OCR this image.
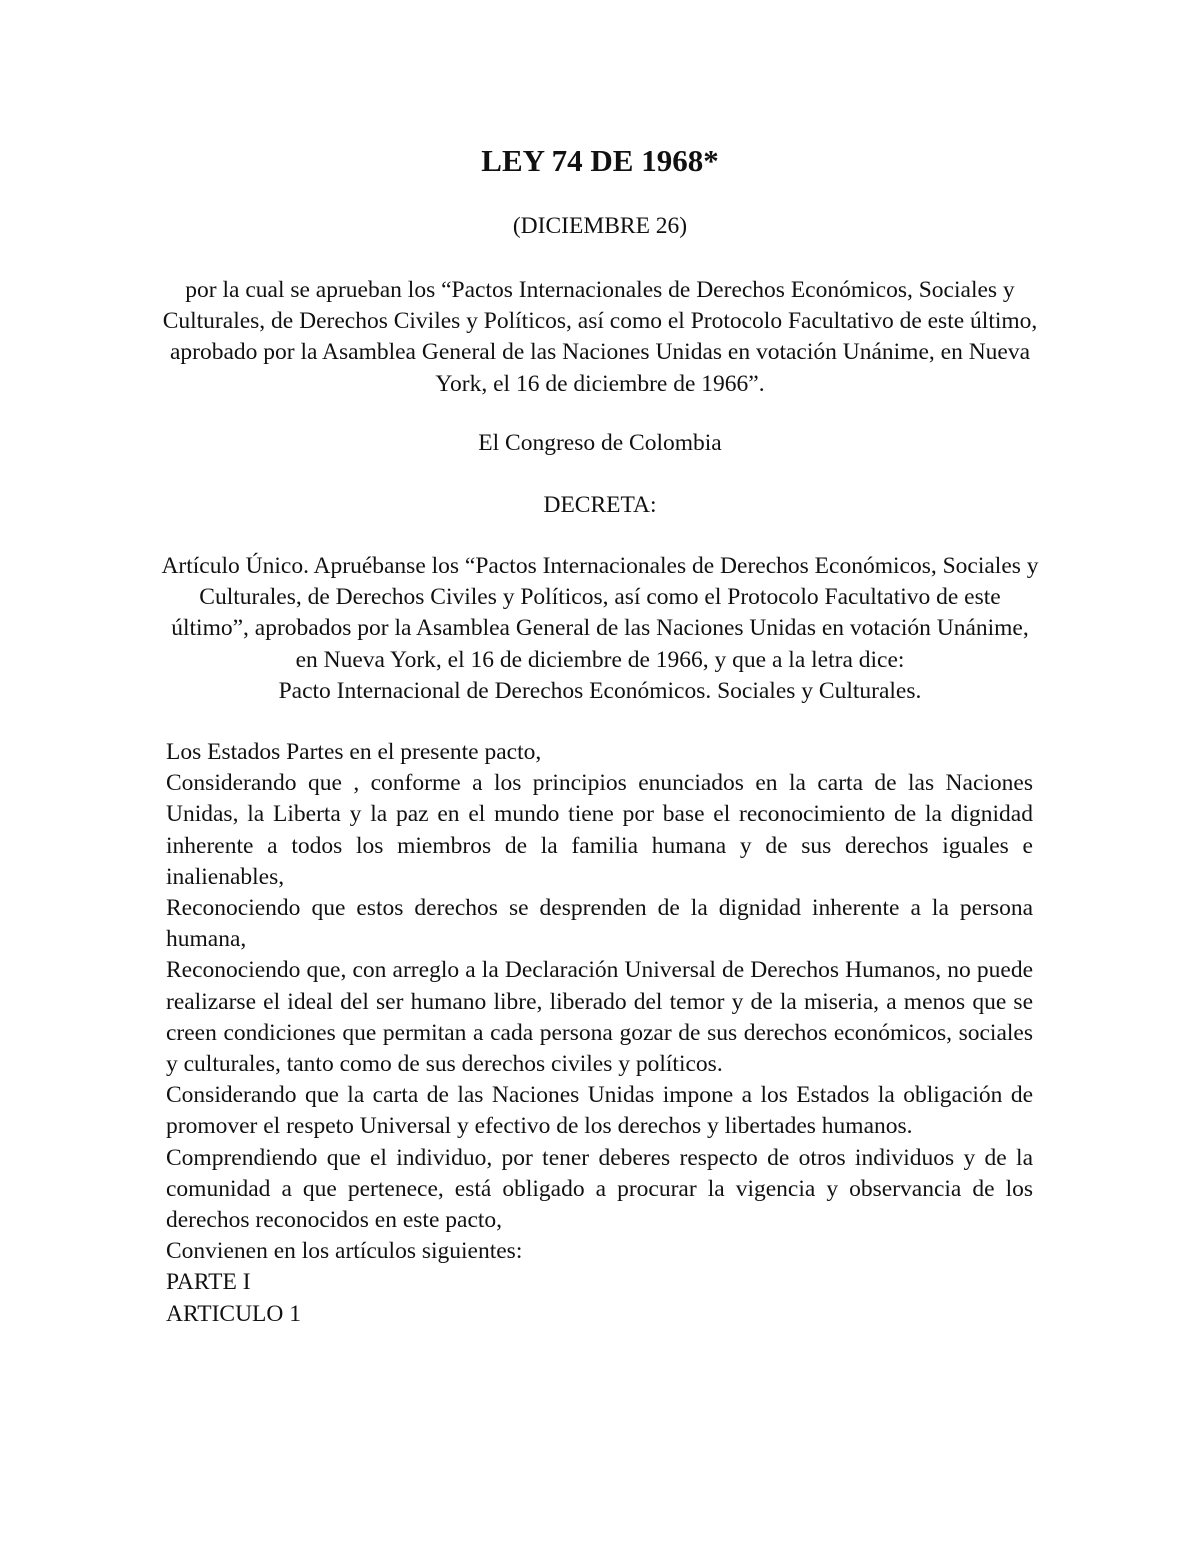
LEY 74 DE 1968*
(DICIEMBRE 26)
por la cual se aprueban los “Pactos Internacionales de Derechos Económicos, Sociales y Culturales, de Derechos Civiles y Políticos, así como el Protocolo Facultativo de este último, aprobado por la Asamblea General de las Naciones Unidas en votación Unánime, en Nueva York, el 16 de diciembre de 1966”.
El Congreso de Colombia
DECRETA:
Artículo Único. Apruébanse los “Pactos Internacionales de Derechos Económicos, Sociales y Culturales, de Derechos Civiles y Políticos, así como el Protocolo Facultativo de este último”, aprobados por la Asamblea General de las Naciones Unidas en votación Unánime, en Nueva York, el 16 de diciembre de 1966, y que a la letra dice:
Pacto Internacional de Derechos Económicos. Sociales y Culturales.

Los Estados Partes en el presente pacto,

Considerando que , conforme a los principios enunciados en la carta de las Naciones Unidas, la Liberta y la paz en el mundo tiene por base el reconocimiento de la dignidad inherente a todos los miembros de la familia humana y de sus derechos iguales e inalienables,

Reconociendo que estos derechos se desprenden de la dignidad inherente a la persona humana,

Reconociendo que, con arreglo a la Declaración Universal de Derechos Humanos, no puede realizarse el ideal del ser humano libre, liberado del temor y de la miseria, a menos que se creen condiciones que permitan a cada persona gozar de sus derechos económicos, sociales y culturales, tanto como de sus derechos civiles y políticos.

Considerando que la carta de las Naciones Unidas impone a los Estados la obligación de promover el respeto Universal y efectivo de los derechos y libertades humanos.

Comprendiendo que el individuo, por tener deberes respecto de otros individuos y de la comunidad a que pertenece, está obligado a procurar la vigencia y observancia de los derechos reconocidos en este pacto,

Convienen en los artículos siguientes:

PARTE I

ARTICULO 1
